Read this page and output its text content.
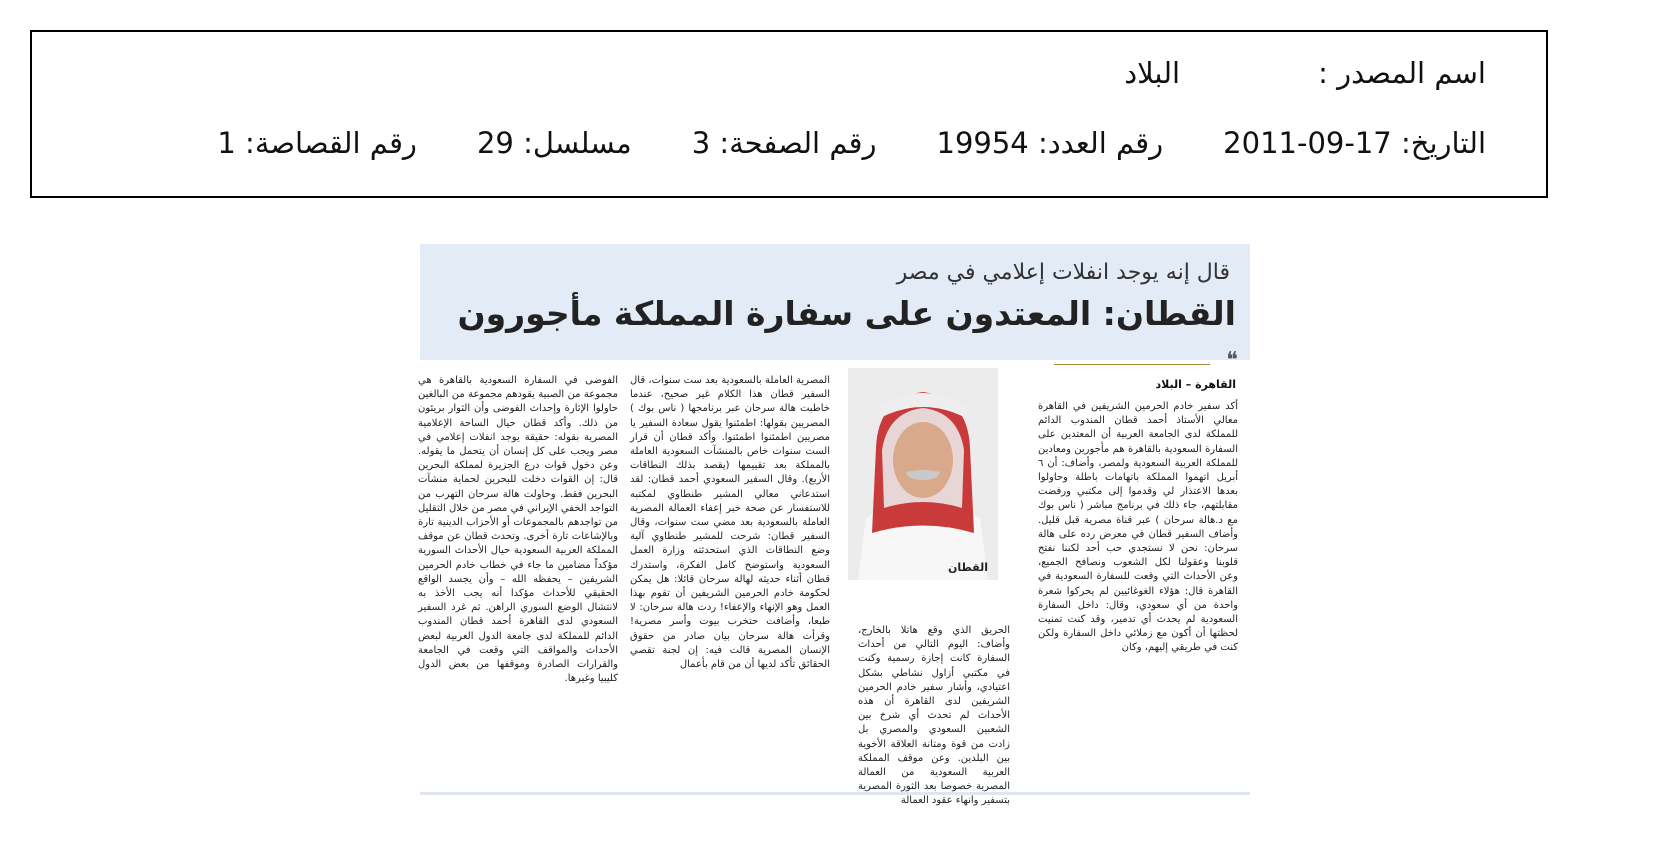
اسم المصدر :البلاد
التاريخ: 17-09-2011رقم العدد: 19954رقم الصفحة: 3مسلسل: 29رقم القصاصة: 1
قال إنه يوجد انفلات إعلامي في مصر
القطان: المعتدون على سفارة المملكة مأجورون
❝
القاهرة – البلاد
أكد سفير خادم الحرمين الشريفين في القاهرة معالي الأستاذ أحمد قطان المندوب الدائم للمملكة لدى الجامعة العربية أن المعتدين على السفارة السعودية بالقاهرة هم مأجورين ومعادين للمملكة العربية السعودية ولمصر، وأضاف: أن ٦ أبريل اتهموا المملكة باتهامات باطلة وحاولوا بعدها الاعتذار لي وقدموا إلى مكتبي ورفضت مقابلتهم، جاء ذلك في برنامج مباشر ( ناس بوك مع د.هالة سرحان ) عبر قناة مصرية قبل قليل. وأضاف السفير قطان في معرض رده على هالة سرحان: نحن لا نستجدي حب أحد لكننا نفتح قلوبنا وعقولنا لكل الشعوب ونصافح الجميع، وعن الأحداث التي وقعت للسفارة السعودية في القاهرة قال: هؤلاء الغوغائيين لم يحركوا شعرة واحدة من أي سعودي، وقال: داخل السفارة السعودية لم يحدث أي تدمير، وقد كنت تمنيت لحظتها أن أكون مع زملائي داخل السفارة ولكن كنت في طريقي إليهم، وكان
القطان
الحريق الذي وقع هاتلا بالخارج، وأضاف: اليوم التالي من أحداث السفارة كانت إجازة رسمية وكنت في مكتبي أزاول نشاطي بشكل اعتيادي، وأشار سفير خادم الحرمين الشريفين لدى القاهرة أن هذه الأحداث لم تحدث أي شرخ بين الشعبين السعودي والمصري بل زادت من قوة ومتانة العلاقة الأخوية بين البلدين. وعن موقف المملكة العربية السعودية من العمالة المصرية خصوصا بعد الثورة المصرية بتسفير وانهاء عقود العمالة
المصرية العاملة بالسعودية بعد ست سنوات، قال السفير قطان هذا الكلام غير صحيح، عندما خاطبت هالة سرحان عبر برنامجها ( ناس بوك ) المصريين بقولها: اطمئنوا يقول سعادة السفير يا مصريين اطمئنوا اطمئنوا. وأكد قطان أن قرار الست سنوات خاص بالمنشآت السعودية العاملة بالمملكة بعد تقييمها (يقصد بذلك النطاقات الأربع). وقال السفير السعودي أحمد قطان: لقد استدعاني معالي المشير طنطاوي لمكتبه للاستفسار عن صحة خبر إعفاء العمالة المصرية العاملة بالسعودية بعد مضي ست سنوات، وقال السفير قطان: شرحت للمشير طنطاوي آلية وضع النطاقات الذي استحدثته وزارة العمل السعودية واستوضح كامل الفكرة، واستدرك قطان أثناء حديثه لهالة سرحان قائلا: هل يمكن لحكومة خادم الحرمين الشريفين أن تقوم بهذا العمل وهو الإنهاء والإعفاء! ردت هالة سرحان: لا طبعا، وأضافت حتخرب بيوت وأسر مصرية! وقرأت هالة سرحان بيان صادر من حقوق الإنسان المصرية قالت فيه: إن لجنة تقصي الحقائق تأكد لديها أن من قام بأعمال
الفوضى في السفارة السعودية بالقاهرة هي مجموعة من الصبية يقودهم مجموعة من البالغين حاولوا الإثارة وإحداث الفوضى وأن الثوار بريئون من ذلك. وأكد قطان حيال الساحة الإعلامية المصرية بقوله: حقيقة يوجد انفلات إعلامي في مصر ويجب على كل إنسان أن يتحمل ما يقوله. وعن دخول قوات درع الجزيرة لمملكة البحرين قال: إن القوات دخلت للبحرين لحماية منشآت البحرين فقط. وحاولت هالة سرحان التهرب من التواجد الخفي الإيراني في مصر من خلال التقليل من تواجدهم بالمجموعات أو الأحزاب الدينية تارة وبالإشاعات تارة أخرى. وتحدث قطان عن موقف المملكة العربية السعودية حيال الأحداث السورية مؤكداً مضامين ما جاء في خطاب خادم الحرمين الشريفين – يحفظه الله – وأن يجسد الواقع الحقيقي للأحداث مؤكدا أنه يجب الأخذ به لانتشال الوضع السوري الراهن. ثم غرد السفير السعودي لدى القاهرة أحمد قطان المندوب الدائم للمملكة لدى جامعة الدول العربية لبعض الأحداث والمواقف التي وقعت في الجامعة والقرارات الصادرة وموقفها من بعض الدول كليبيا وغيرها.
